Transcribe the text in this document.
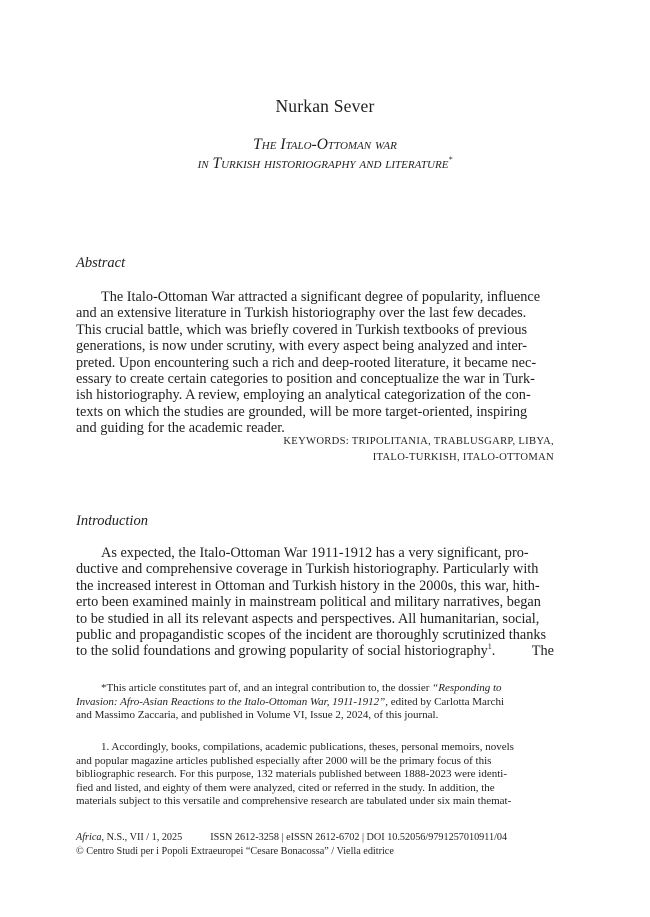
Nurkan Sever
The Italo-Ottoman war
in Turkish historiography and literature*
Abstract
The Italo-Ottoman War attracted a significant degree of popularity, influence
and an extensive literature in Turkish historiography over the last few decades.
This crucial battle, which was briefly covered in Turkish textbooks of previous
generations, is now under scrutiny, with every aspect being analyzed and inter-
preted. Upon encountering such a rich and deep-rooted literature, it became nec-
essary to create certain categories to position and conceptualize the war in Turk-
ish historiography. A review, employing an analytical categorization of the con-
texts on which the studies are grounded, will be more target-oriented, inspiring
and guiding for the academic reader.
KEYWORDS: TRIPOLITANIA, TRABLUSGARP, LIBYA,
ITALO-TURKISH, ITALO-OTTOMAN
Introduction
As expected, the Italo-Ottoman War 1911-1912 has a very significant, pro-
ductive and comprehensive coverage in Turkish historiography. Particularly with
the increased interest in Ottoman and Turkish history in the 2000s, this war, hith-
erto been examined mainly in mainstream political and military narratives, began
to be studied in all its relevant aspects and perspectives. All humanitarian, social,
public and propagandistic scopes of the incident are thoroughly scrutinized thanks
to the solid foundations and growing popularity of social historiography$^1$.	The
*This article constitutes part of, and an integral contribution to, the dossier “Responding to
Invasion: Afro-Asian Reactions to the Italo-Ottoman War, 1911-1912”, edited by Carlotta Marchi
and Massimo Zaccaria, and published in Volume VI, Issue 2, 2024, of this journal.
1. Accordingly, books, compilations, academic publications, theses, personal memoirs, novels
and popular magazine articles published especially after 2000 will be the primary focus of this
bibliographic research. For this purpose, 132 materials published between 1888-2023 were identi-
fied and listed, and eighty of them were analyzed, cited or referred in the study. In addition, the
materials subject to this versatile and comprehensive research are tabulated under six main themat-
Africa, N.S., VII / 1, 2025	ISSN 2612-3258 | eISSN 2612-6702 | DOI 10.52056/9791257010911/04
© Centro Studi per i Popoli Extraeuropei “Cesare Bonacossa” / Viella editrice
